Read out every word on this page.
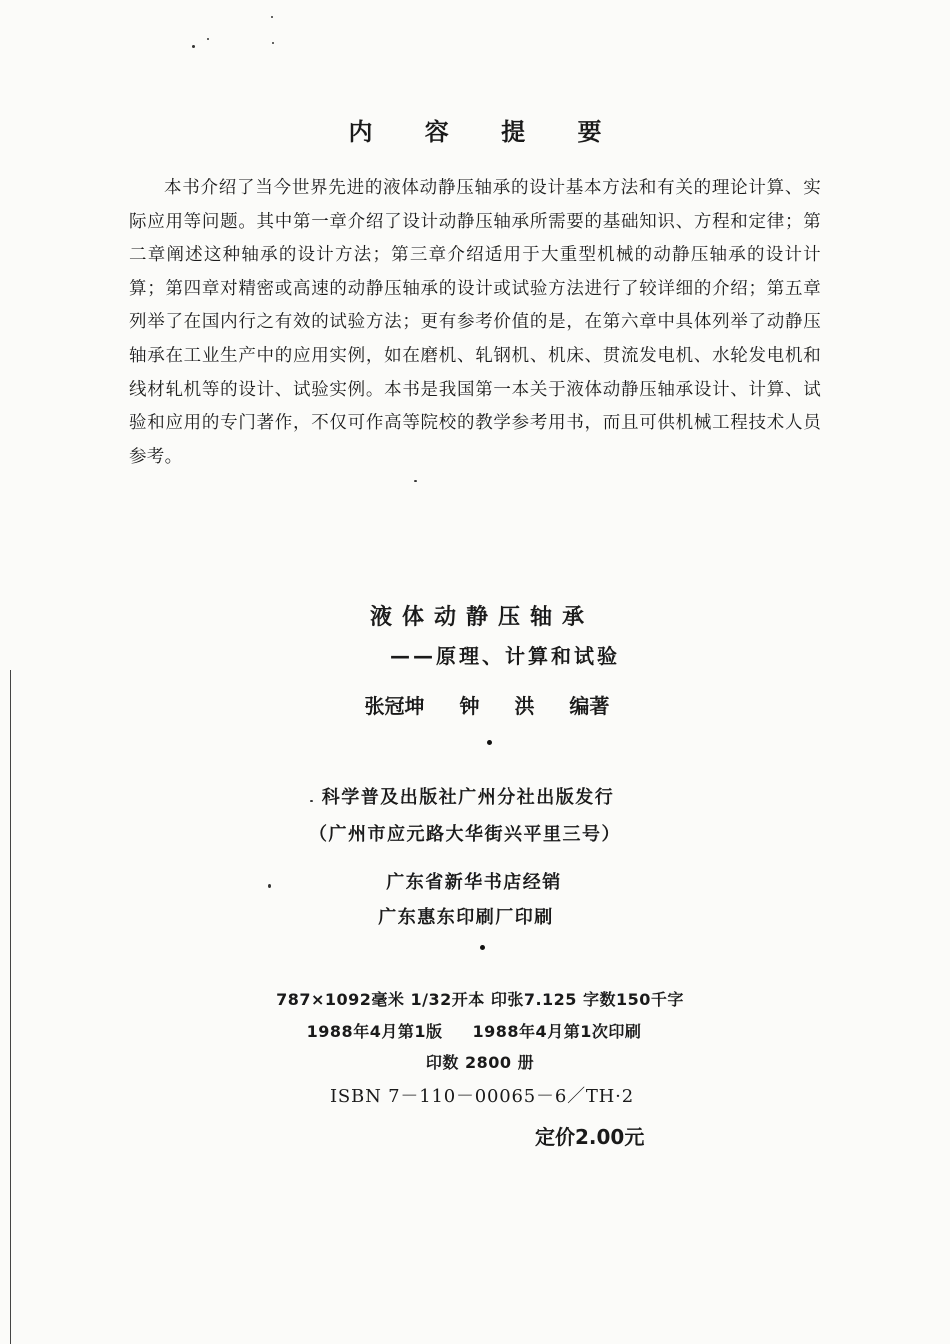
内 容 提 要

本书介绍了当今世界先进的液体动静压轴承的设计基本方法和有关的理论计算、实际应用等问题。其中第一章介绍了设计动静压轴承所需要的基础知识、方程和定律；第二章阐述这种轴承的设计方法；第三章介绍适用于大重型机械的动静压轴承的设计计算；第四章对精密或高速的动静压轴承的设计或试验方法进行了较详细的介绍；第五章列举了在国内行之有效的试验方法；更有参考价值的是，在第六章中具体列举了动静压轴承在工业生产中的应用实例，如在磨机、轧钢机、机床、贯流发电机、水轮发电机和线材轧机等的设计、试验实例。本书是我国第一本关于液体动静压轴承设计、计算、试验和应用的专门著作，不仅可作高等院校的教学参考用书，而且可供机械工程技术人员参考。

液体动静压轴承
——原理、计算和试验
张冠坤 钟 洪 编著
科学普及出版社广州分社出版发行
（广州市应元路大华街兴平里三号）
广东省新华书店经销
广东惠东印刷厂印刷
787×1092毫米 1/32开本 印张7.125 字数150千字
1988年4月第1版 1988年4月第1次印刷
印数 2800 册
ISBN 7－110－00065－6／TH·2
定价2.00元
